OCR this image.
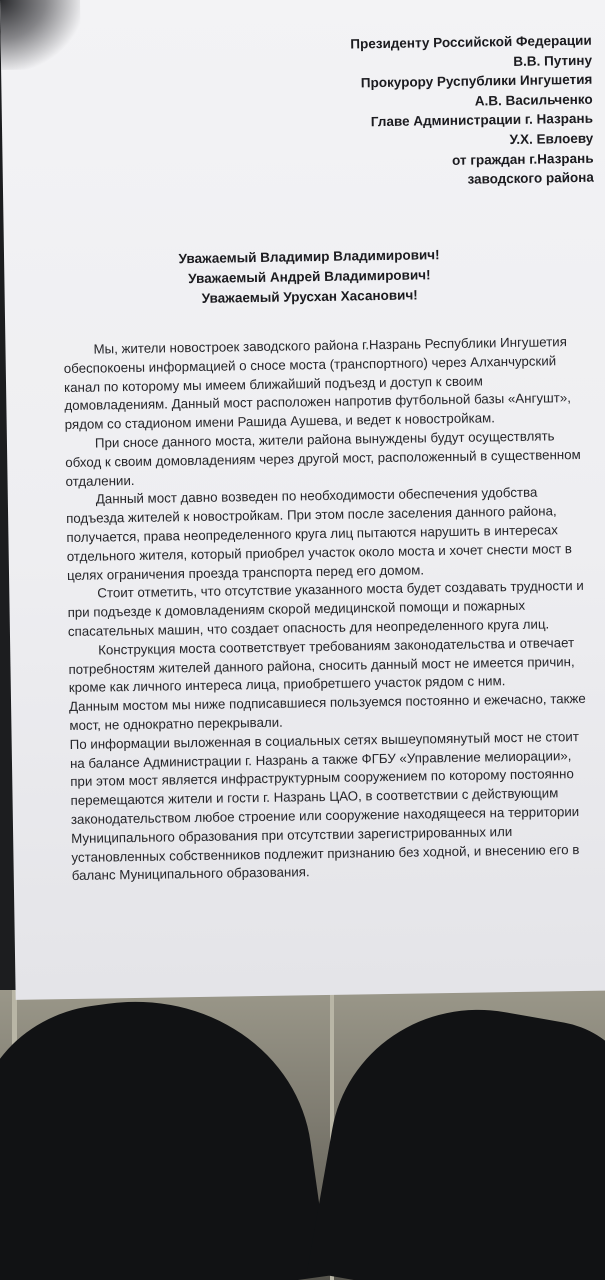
Президенту Российской Федерации
В.В. Путину
Прокурору Руспублики Ингушетия
А.В. Васильченко
Главе Администрации г. Назрань
У.Х. Евлоеву
от граждан г.Назрань
заводского района
Уважаемый Владимир Владимирович!
Уважаемый Андрей Владимирович!
Уважаемый Урусхан Хасанович!
Мы, жители новостроек заводского района г.Назрань Республики Ингушетия
обеспокоены информацией о сносе моста (транспортного) через Алханчурский
канал по которому мы имеем ближайший подъезд и доступ к своим
домовладениям. Данный мост расположен напротив футбольной базы «Ангушт»,
рядом со стадионом имени Рашида Аушева, и ведет к новостройкам.
При сносе данного моста, жители района вынуждены будут осуществлять
обход к своим домовладениям через другой мост, расположенный в существенном
отдалении.
Данный мост давно возведен по необходимости обеспечения удобства
подъезда жителей к новостройкам. При этом после заселения данного района,
получается, права неопределенного круга лиц пытаются нарушить в интересах
отдельного жителя, который приобрел участок около моста и хочет снести мост в
целях ограничения проезда транспорта перед его домом.
Стоит отметить, что отсутствие указанного моста будет создавать трудности и
при подъезде к домовладениям скорой медицинской помощи и пожарных
спасательных машин, что создает опасность для неопределенного круга лиц.
Конструкция моста соответствует требованиям законодательства и отвечает
потребностям жителей данного района, сносить данный мост не имеется причин,
кроме как личного интереса лица, приобретшего участок рядом с ним.
Данным мостом мы ниже подписавшиеся пользуемся постоянно и ежечасно, также
мост, не однократно перекрывали.
По информации выложенная в социальных сетях вышеупомянутый мост не стоит
на балансе Администрации г. Назрань а также ФГБУ «Управление мелиорации»,
при этом мост является инфраструктурным сооружением по которому постоянно
перемещаются жители и гости г. Назрань ЦАО, в соответствии с действующим
законодательством любое строение или сооружение находящееся на территории
Муниципального образования при отсутствии зарегистрированных или
установленных собственников подлежит признанию без ходной, и внесению его в
баланс Муниципального образования.
